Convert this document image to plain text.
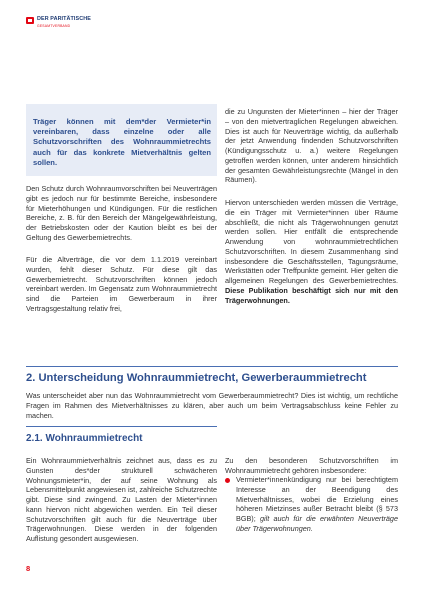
DER PARITÄTISCHE
GESAMTVERBAND

Träger können mit dem*der Vermieter*in vereinbaren, dass einzelne oder alle Schutzvorschriften des Wohnraummietrechts auch für das konkrete Mietverhältnis gelten sollen.

Den Schutz durch Wohnraumvorschriften bei Neuverträgen gibt es jedoch nur für bestimmte Bereiche, insbesondere für Mieterhöhungen und Kündigungen. Für die restlichen Bereiche, z. B. für den Bereich der Mängelgewährleistung, der Betriebskosten oder der Kaution bleibt es bei der Geltung des Gewerbemietrechts.

Für die Altverträge, die vor dem 1.1.2019 vereinbart wurden, fehlt dieser Schutz. Für diese gilt das Gewerbemietrecht. Schutzvorschriften können jedoch vereinbart werden. Im Gegensatz zum Wohnraummietrecht sind die Parteien im Gewerberaum in ihrer Vertragsgestaltung relativ frei,

die zu Ungunsten der Mieter*innen – hier der Träger – von den mietvertraglichen Regelungen abweichen. Dies ist auch für Neuverträge wichtig, da außerhalb der jetzt Anwendung findenden Schutzvorschriften (Kündigungsschutz u. a.) weitere Regelungen getroffen werden können, unter anderem hinsichtlich der gesamten Gewährleistungsrechte (Mängel in den Räumen).

Hiervon unterschieden werden müssen die Verträge, die ein Träger mit Vermieter*innen über Räume abschließt, die nicht als Trägerwohnungen genutzt werden sollen. Hier entfällt die entsprechende Anwendung von wohnraummietrechtlichen Schutzvorschriften. In diesem Zusammenhang sind insbesondere die Geschäftsstellen, Tagungsräume, Werkstätten oder Treffpunkte gemeint. Hier gelten die allgemeinen Regelungen des Gewerbemietrechtes. Diese Publikation beschäftigt sich nur mit den Trägerwohnungen.

2. Unterscheidung Wohnraummietrecht, Gewerberaummietrecht

Was unterscheidet aber nun das Wohnraummietrecht vom Gewerberaummietrecht? Dies ist wichtig, um rechtliche Fragen im Rahmen des Mietverhältnisses zu klären, aber auch um beim Vertragsabschluss keine Fehler zu machen.

2.1. Wohnraummietrecht

Ein Wohnraummietverhältnis zeichnet aus, dass es zu Gunsten des*der strukturell schwächeren Wohnungsmieter*in, der auf seine Wohnung als Lebensmittelpunkt angewiesen ist, zahlreiche Schutzrechte gibt. Diese sind zwingend. Zu Lasten der Mieter*innen kann hiervon nicht abgewichen werden. Ein Teil dieser Schutzvorschriften gilt auch für die Neuverträge über Trägerwohnungen. Diese werden in der folgenden Auflistung gesondert ausgewiesen.

Zu den besonderen Schutzvorschriften im Wohnraummietrecht gehören insbesondere:

Vermieter*innenkündigung nur bei berechtigtem Interesse an der Beendigung des Mietverhältnisses, wobei die Erzielung eines höheren Mietzinses außer Betracht bleibt (§ 573 BGB); gilt auch für die erwähnten Neuverträge über Trägerwohnungen.

8
